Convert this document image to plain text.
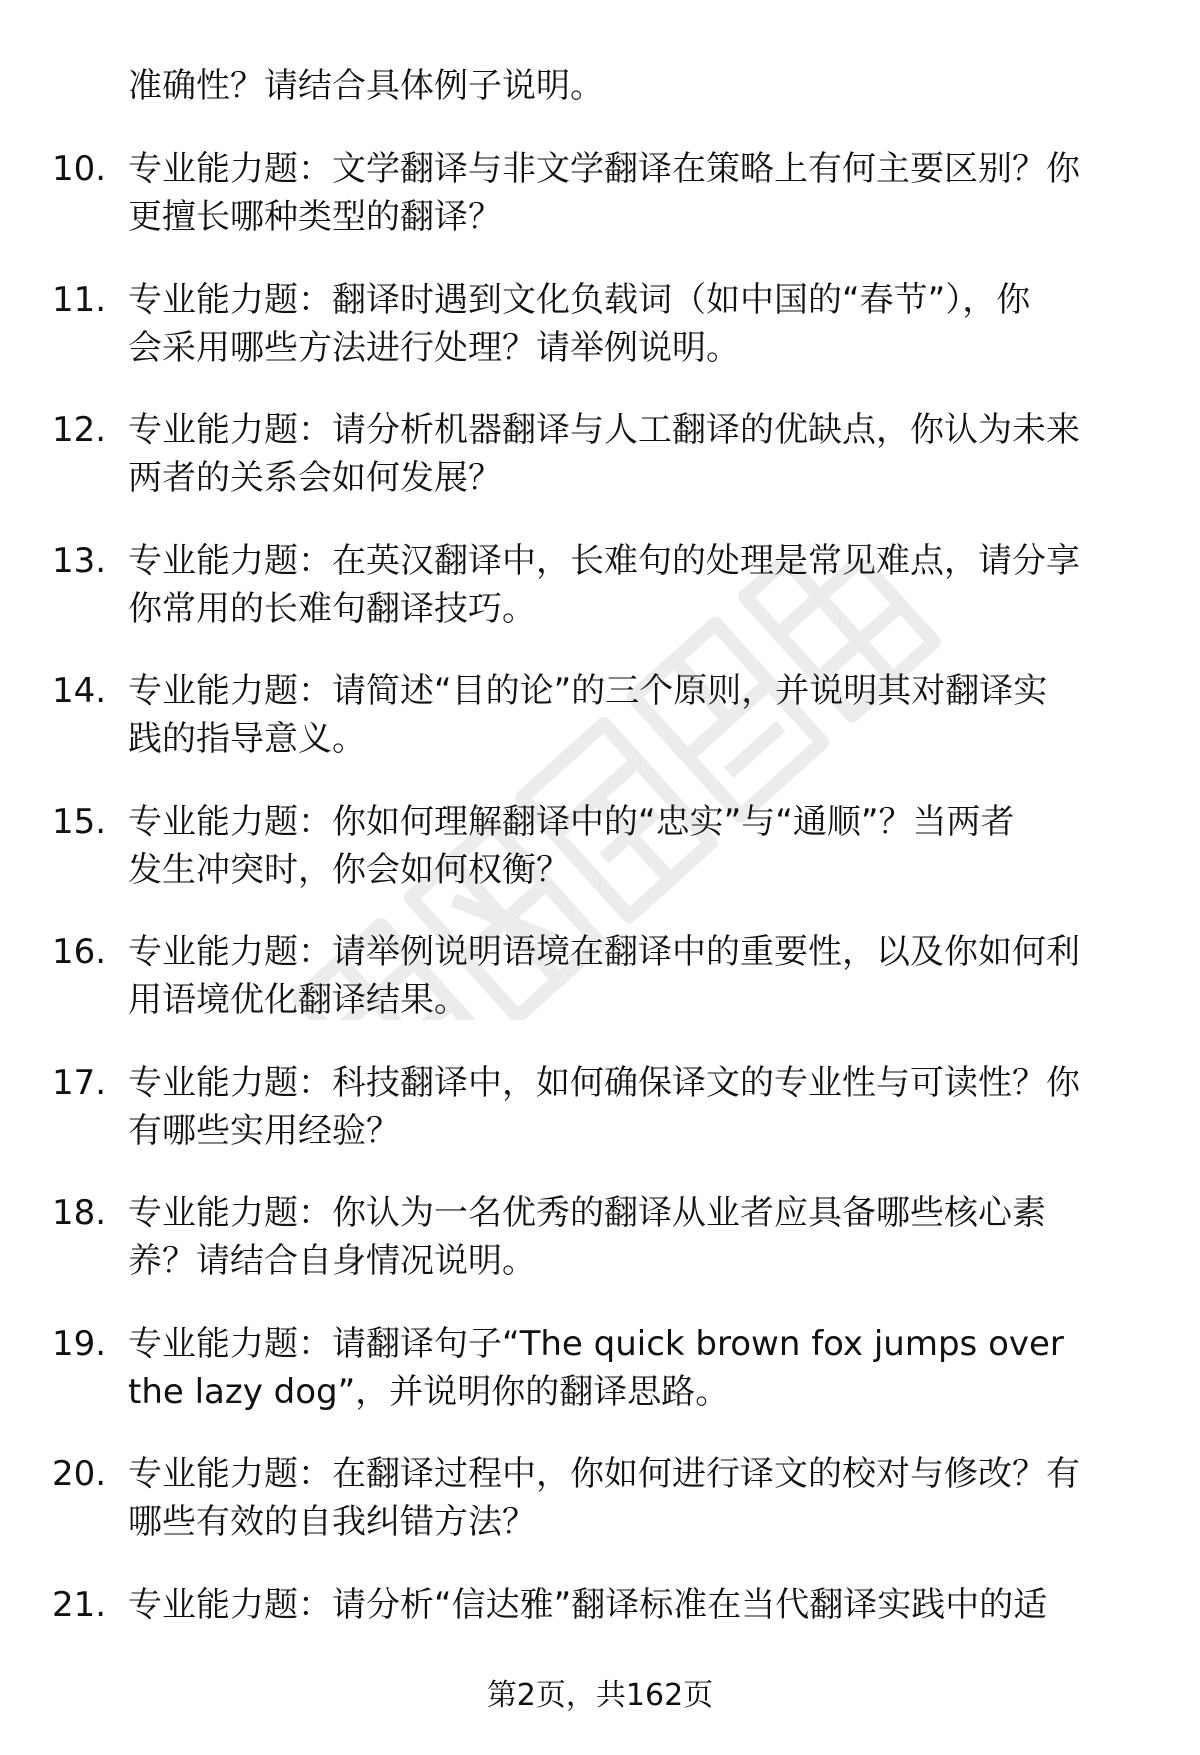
准确性？请结合具体例子说明。
10. 专业能力题：文学翻译与非文学翻译在策略上有何主要区别？你
更擅长哪种类型的翻译？
11. 专业能力题：翻译时遇到文化负载词（如中国的“春节”），你
会采用哪些方法进行处理？请举例说明。
12. 专业能力题：请分析机器翻译与人工翻译的优缺点，你认为未来
两者的关系会如何发展？
13. 专业能力题：在英汉翻译中，长难句的处理是常见难点，请分享
你常用的长难句翻译技巧。
14. 专业能力题：请简述“目的论”的三个原则，并说明其对翻译实
践的指导意义。
15. 专业能力题：你如何理解翻译中的“忠实”与“通顺”？当两者
发生冲突时，你会如何权衡？
16. 专业能力题：请举例说明语境在翻译中的重要性，以及你如何利
用语境优化翻译结果。
17. 专业能力题：科技翻译中，如何确保译文的专业性与可读性？你
有哪些实用经验？
18. 专业能力题：你认为一名优秀的翻译从业者应具备哪些核心素
养？请结合自身情况说明。
19. 专业能力题：请翻译句子“The quick brown fox jumps over
the lazy dog”，并说明你的翻译思路。
20. 专业能力题：在翻译过程中，你如何进行译文的校对与修改？有
哪些有效的自我纠错方法？
21. 专业能力题：请分析“信达雅”翻译标准在当代翻译实践中的适
第2页，共162页
